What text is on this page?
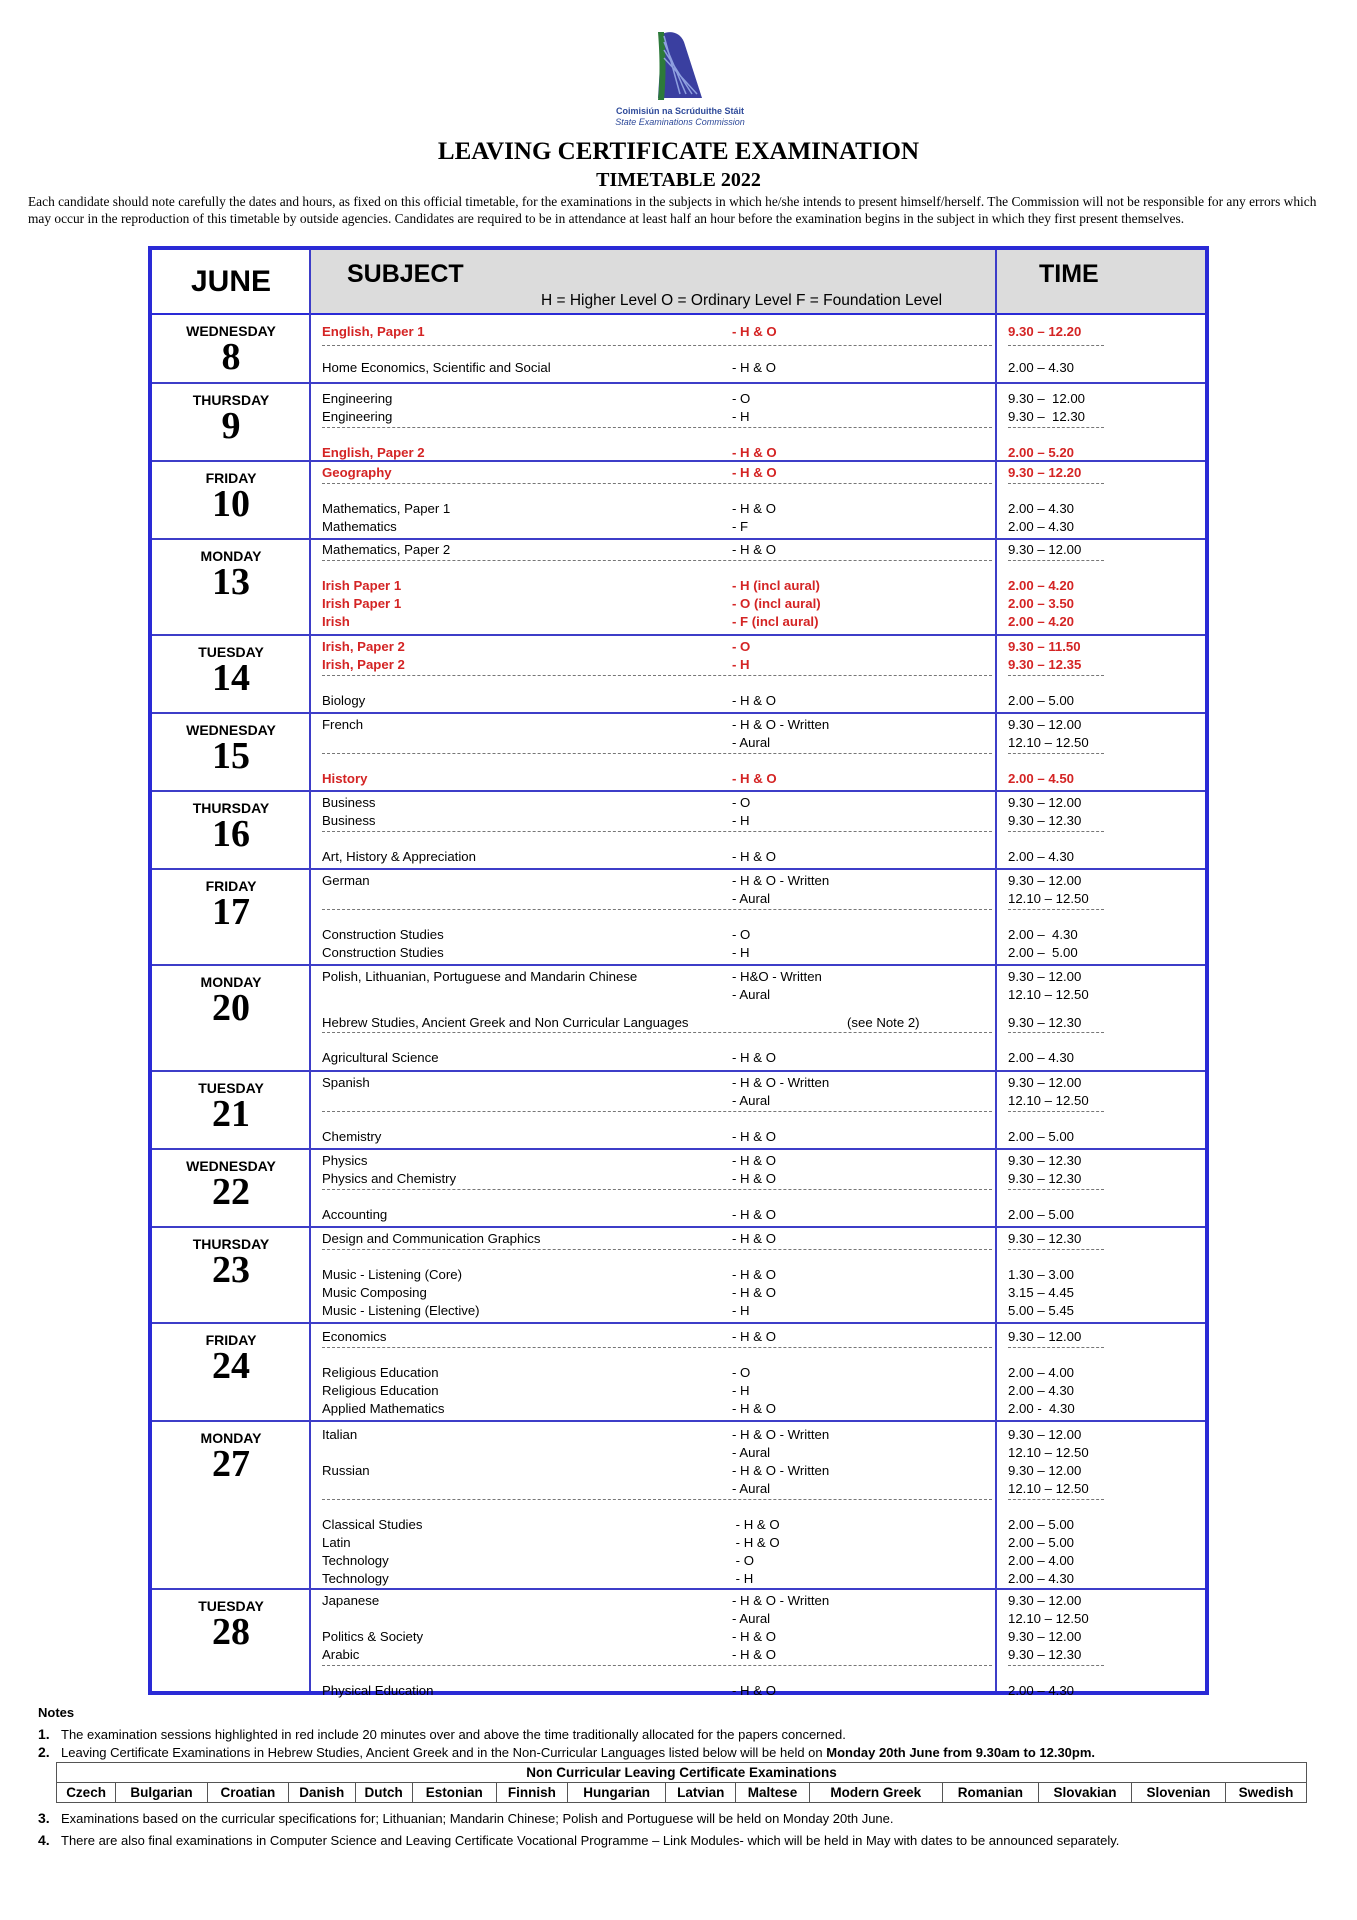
Coimisiún na Scrúduithe Stáit
State Examinations Commission
LEAVING CERTIFICATE EXAMINATION
TIMETABLE 2022
Each candidate should note carefully the dates and hours, as fixed on this official timetable, for the examinations in the subjects in which he/she intends to present himself/herself. The Commission will not be responsible for any errors which may occur in the reproduction of this timetable by outside agencies. Candidates are required to be in attendance at least half an hour before the examination begins in the subject in which they first present themselves.
JUNE	SUBJECT	TIME
H = Higher Level O = Ordinary Level F = Foundation Level
WEDNESDAY
8
English, Paper 1	- H & O	9.30 – 12.20
Home Economics, Scientific and Social	- H & O	2.00 – 4.30
THURSDAY
9
Engineering	- O	9.30 –  12.00
Engineering	- H	9.30 –  12.30
English, Paper 2	- H & O	2.00 – 5.20
FRIDAY
10
Geography	- H & O	9.30 – 12.20
Mathematics, Paper 1	- H & O	2.00 – 4.30
Mathematics	- F	2.00 – 4.30
MONDAY
13
Mathematics, Paper 2	- H & O	9.30 – 12.00
Irish Paper 1	- H (incl aural)	2.00 – 4.20
Irish Paper 1	- O (incl aural)	2.00 – 3.50
Irish	- F (incl aural)	2.00 – 4.20
TUESDAY
14
Irish, Paper 2	- O	9.30 – 11.50
Irish, Paper 2	- H	9.30 – 12.35
Biology	- H & O	2.00 – 5.00
WEDNESDAY
15
French	- H & O - Written	9.30 – 12.00
- Aural	12.10 – 12.50
History	- H & O	2.00 – 4.50
THURSDAY
16
Business	- O	9.30 – 12.00
Business	- H	9.30 – 12.30
Art, History & Appreciation	- H & O	2.00 – 4.30
FRIDAY
17
German	- H & O - Written	9.30 – 12.00
- Aural	12.10 – 12.50
Construction Studies	- O	2.00 –  4.30
Construction Studies	- H	2.00 –  5.00
MONDAY
20
Polish, Lithuanian, Portuguese and Mandarin Chinese	- H&O - Written	9.30 – 12.00
- Aural	12.10 – 12.50
Hebrew Studies, Ancient Greek and Non Curricular Languages	(see Note 2)	9.30 – 12.30
Agricultural Science	- H & O	2.00 – 4.30
TUESDAY
21
Spanish	- H & O - Written	9.30 – 12.00
- Aural	12.10 – 12.50
Chemistry	- H & O	2.00 – 5.00
WEDNESDAY
22
Physics	- H & O	9.30 – 12.30
Physics and Chemistry	- H & O	9.30 – 12.30
Accounting	- H & O	2.00 – 5.00
THURSDAY
23
Design and Communication Graphics	- H & O	9.30 – 12.30
Music - Listening (Core)	- H & O	1.30 – 3.00
Music Composing	- H & O	3.15 – 4.45
Music - Listening (Elective)	- H	5.00 – 5.45
FRIDAY
24
Economics	- H & O	9.30 – 12.00
Religious Education	- O	2.00 – 4.00
Religious Education	- H	2.00 – 4.30
Applied Mathematics	- H & O	2.00 -  4.30
MONDAY
27
Italian	- H & O - Written	9.30 – 12.00
- Aural	12.10 – 12.50
Russian	- H & O - Written	9.30 – 12.00
- Aural	12.10 – 12.50
Classical Studies	- H & O	2.00 – 5.00
Latin	- H & O	2.00 – 5.00
Technology	- O	2.00 – 4.00
Technology	- H	2.00 – 4.30
TUESDAY
28
Japanese	- H & O - Written	9.30 – 12.00
- Aural	12.10 – 12.50
Politics & Society	- H & O	9.30 – 12.00
Arabic	- H & O	9.30 – 12.30
Physical Education	- H & O	2.00 – 4.30
Notes
1. The examination sessions highlighted in red include 20 minutes over and above the time traditionally allocated for the papers concerned.
2. Leaving Certificate Examinations in Hebrew Studies, Ancient Greek and in the Non-Curricular Languages listed below will be held on Monday 20th June from 9.30am to 12.30pm.
Non Curricular Leaving Certificate Examinations
Czech	Bulgarian	Croatian	Danish	Dutch	Estonian	Finnish	Hungarian	Latvian	Maltese	Modern Greek	Romanian	Slovakian	Slovenian	Swedish
3. Examinations based on the curricular specifications for; Lithuanian; Mandarin Chinese; Polish and Portuguese will be held on Monday 20th June.
4. There are also final examinations in Computer Science and Leaving Certificate Vocational Programme – Link Modules- which will be held in May with dates to be announced separately.
